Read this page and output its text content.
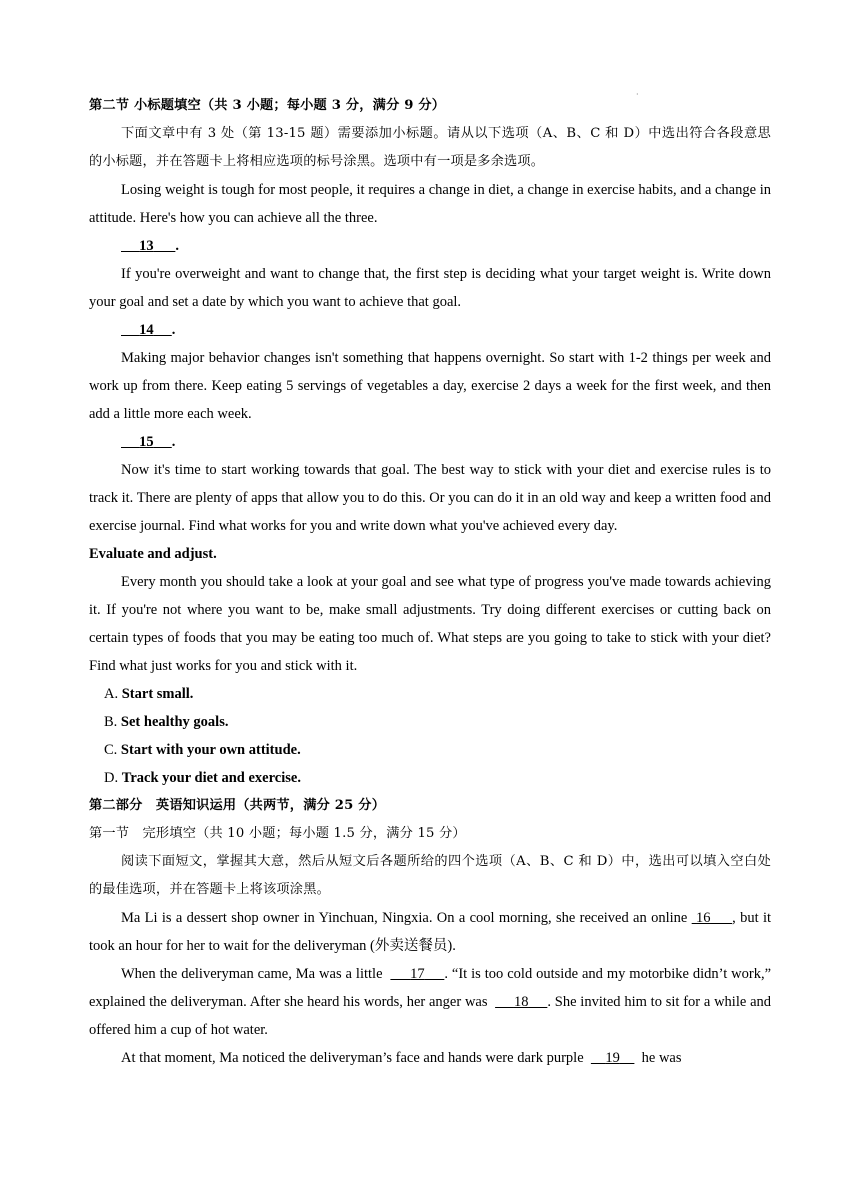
·

第二节 小标题填空（共 3 小题；每小题 3 分，满分 9 分）

下面文章中有 3 处（第 13-15 题）需要添加小标题。请从以下选项（A、B、C 和 D）中选出符合各段意思的小标题，并在答题卡上将相应选项的标号涂黑。选项中有一项是多余选项。

Losing weight is tough for most people, it requires a change in diet, a change in exercise habits, and a change in attitude. Here's how you can achieve all the three.

13 .

If you're overweight and want to change that, the first step is deciding what your target weight is. Write down your goal and set a date by which you want to achieve that goal.

14 .

Making major behavior changes isn't something that happens overnight. So start with 1-2 things per week and work up from there. Keep eating 5 servings of vegetables a day, exercise 2 days a week for the first week, and then add a little more each week.

15 .

Now it's time to start working towards that goal. The best way to stick with your diet and exercise rules is to track it. There are plenty of apps that allow you to do this. Or you can do it in an old way and keep a written food and exercise journal. Find what works for you and write down what you've achieved every day.

Evaluate and adjust.

Every month you should take a look at your goal and see what type of progress you've made towards achieving it. If you're not where you want to be, make small adjustments. Try doing different exercises or cutting back on certain types of foods that you may be eating too much of. What steps are you going to take to stick with your diet? Find what just works for you and stick with it.

A. Start small.

B. Set healthy goals.

C. Start with your own attitude.

D. Track your diet and exercise.

第二部分　英语知识运用（共两节，满分 25 分）

第一节　完形填空（共 10 小题；每小题 1.5 分，满分 15 分）

阅读下面短文，掌握其大意，然后从短文后各题所给的四个选项（A、B、C 和 D）中，选出可以填入空白处的最佳选项，并在答题卡上将该项涂黑。

Ma Li is a dessert shop owner in Yinchuan, Ningxia. On a cool morning, she received an online 16 , but it took an hour for her to wait for the deliveryman (外卖送餐员).

When the deliveryman came, Ma was a little 17 . “It is too cold outside and my motorbike didn’t work,” explained the deliveryman. After she heard his words, her anger was 18 . She invited him to sit for a while and offered him a cup of hot water.

At that moment, Ma noticed the deliveryman’s face and hands were dark purple 19 he was
